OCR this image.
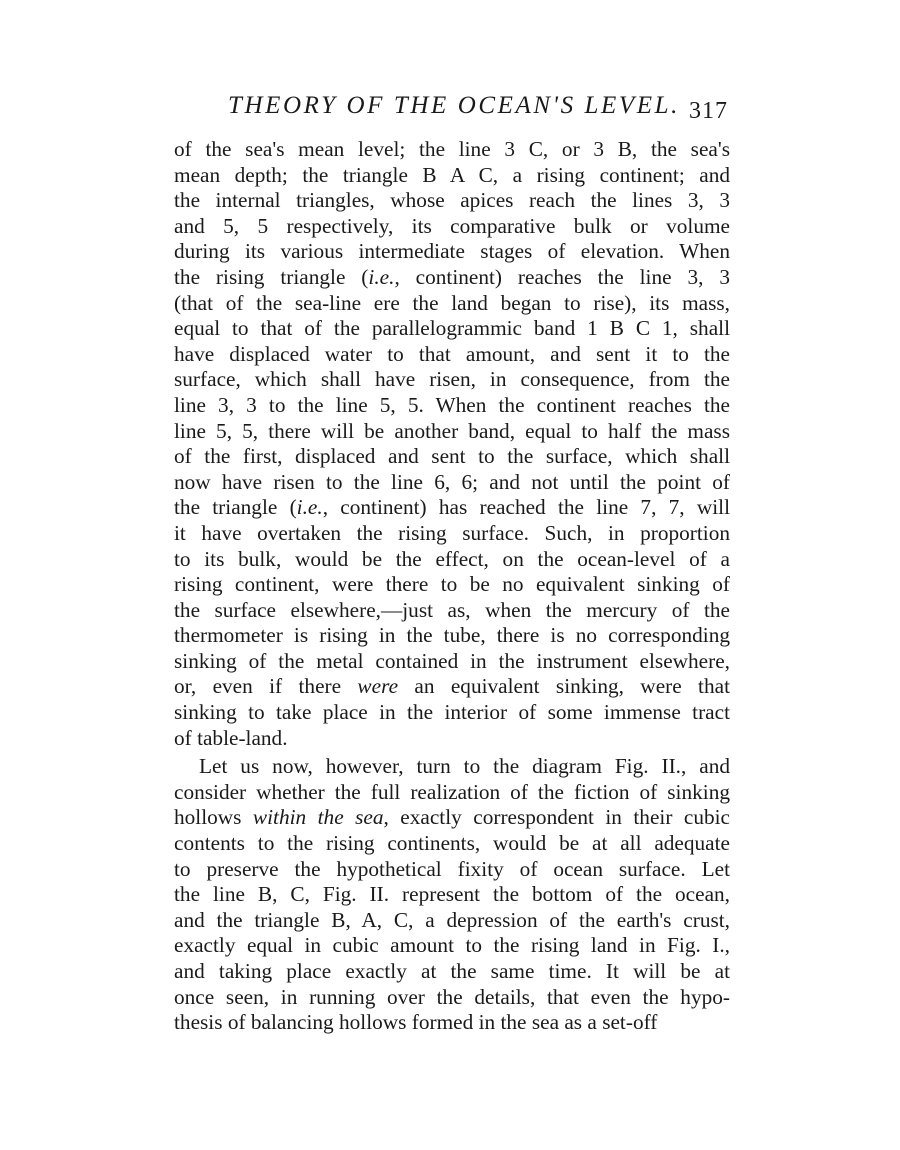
THEORY OF THE OCEAN'S LEVEL. 317
of the sea's mean level; the line 3 C, or 3 B, the sea's
mean depth; the triangle B A C, a rising continent; and
the internal triangles, whose apices reach the lines 3, 3
and 5, 5 respectively, its comparative bulk or volume
during its various intermediate stages of elevation. When
the rising triangle (i.e., continent) reaches the line 3, 3
(that of the sea-line ere the land began to rise), its mass,
equal to that of the parallelogrammic band 1 B C 1, shall
have displaced water to that amount, and sent it to the
surface, which shall have risen, in consequence, from the
line 3, 3 to the line 5, 5. When the continent reaches the
line 5, 5, there will be another band, equal to half the mass
of the first, displaced and sent to the surface, which shall
now have risen to the line 6, 6; and not until the point of
the triangle (i.e., continent) has reached the line 7, 7, will
it have overtaken the rising surface. Such, in proportion
to its bulk, would be the effect, on the ocean-level of a
rising continent, were there to be no equivalent sinking of
the surface elsewhere,—just as, when the mercury of the
thermometer is rising in the tube, there is no corresponding
sinking of the metal contained in the instrument elsewhere,
or, even if there were an equivalent sinking, were that
sinking to take place in the interior of some immense tract
of table-land.
Let us now, however, turn to the diagram Fig. II., and
consider whether the full realization of the fiction of sinking
hollows within the sea, exactly correspondent in their cubic
contents to the rising continents, would be at all adequate
to preserve the hypothetical fixity of ocean surface. Let
the line B, C, Fig. II. represent the bottom of the ocean,
and the triangle B, A, C, a depression of the earth's crust,
exactly equal in cubic amount to the rising land in Fig. I.,
and taking place exactly at the same time. It will be at
once seen, in running over the details, that even the hypo-
thesis of balancing hollows formed in the sea as a set-off
